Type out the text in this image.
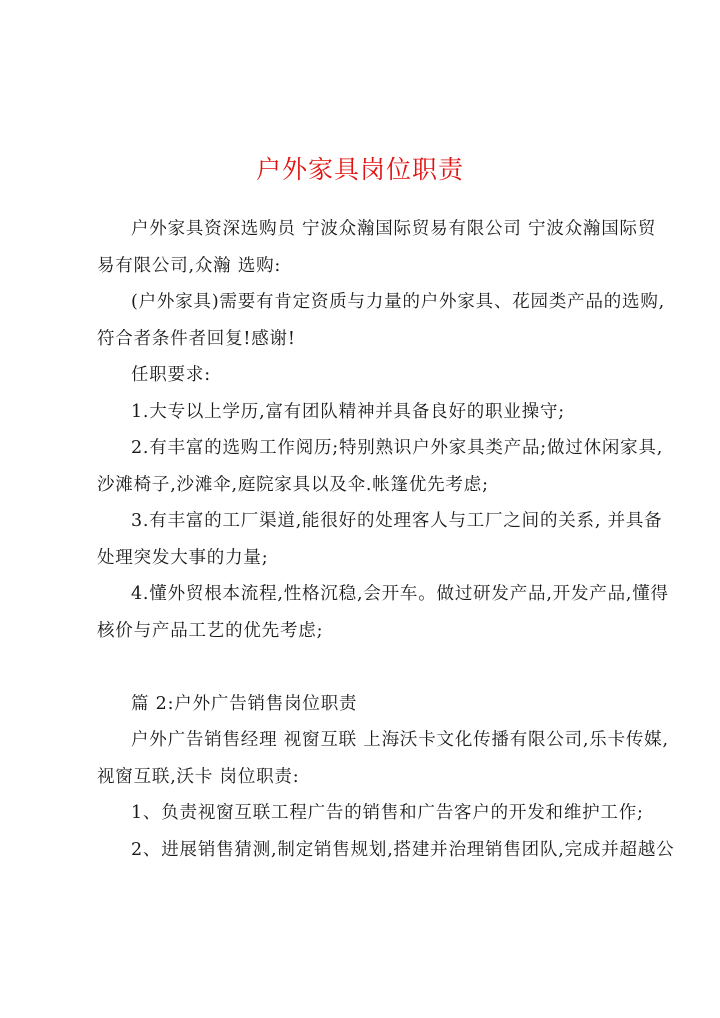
户外家具岗位职责
户外家具资深选购员 宁波众瀚国际贸易有限公司 宁波众瀚国际贸
易有限公司,众瀚 选购:
(户外家具)需要有肯定资质与力量的户外家具、花园类产品的选购,
符合者条件者回复!感谢!
任职要求:
1.大专以上学历,富有团队精神并具备良好的职业操守;
2.有丰富的选购工作阅历;特别熟识户外家具类产品;做过休闲家具,
沙滩椅子,沙滩伞,庭院家具以及伞.帐篷优先考虑;
3.有丰富的工厂渠道,能很好的处理客人与工厂之间的关系, 并具备
处理突发大事的力量;
4.懂外贸根本流程,性格沉稳,会开车。做过研发产品,开发产品,懂得
核价与产品工艺的优先考虑;
篇 2:户外广告销售岗位职责
户外广告销售经理 视窗互联 上海沃卡文化传播有限公司,乐卡传媒,
视窗互联,沃卡 岗位职责:
1、负责视窗互联工程广告的销售和广告客户的开发和维护工作;
2、进展销售猜测,制定销售规划,搭建并治理销售团队,完成并超越公
